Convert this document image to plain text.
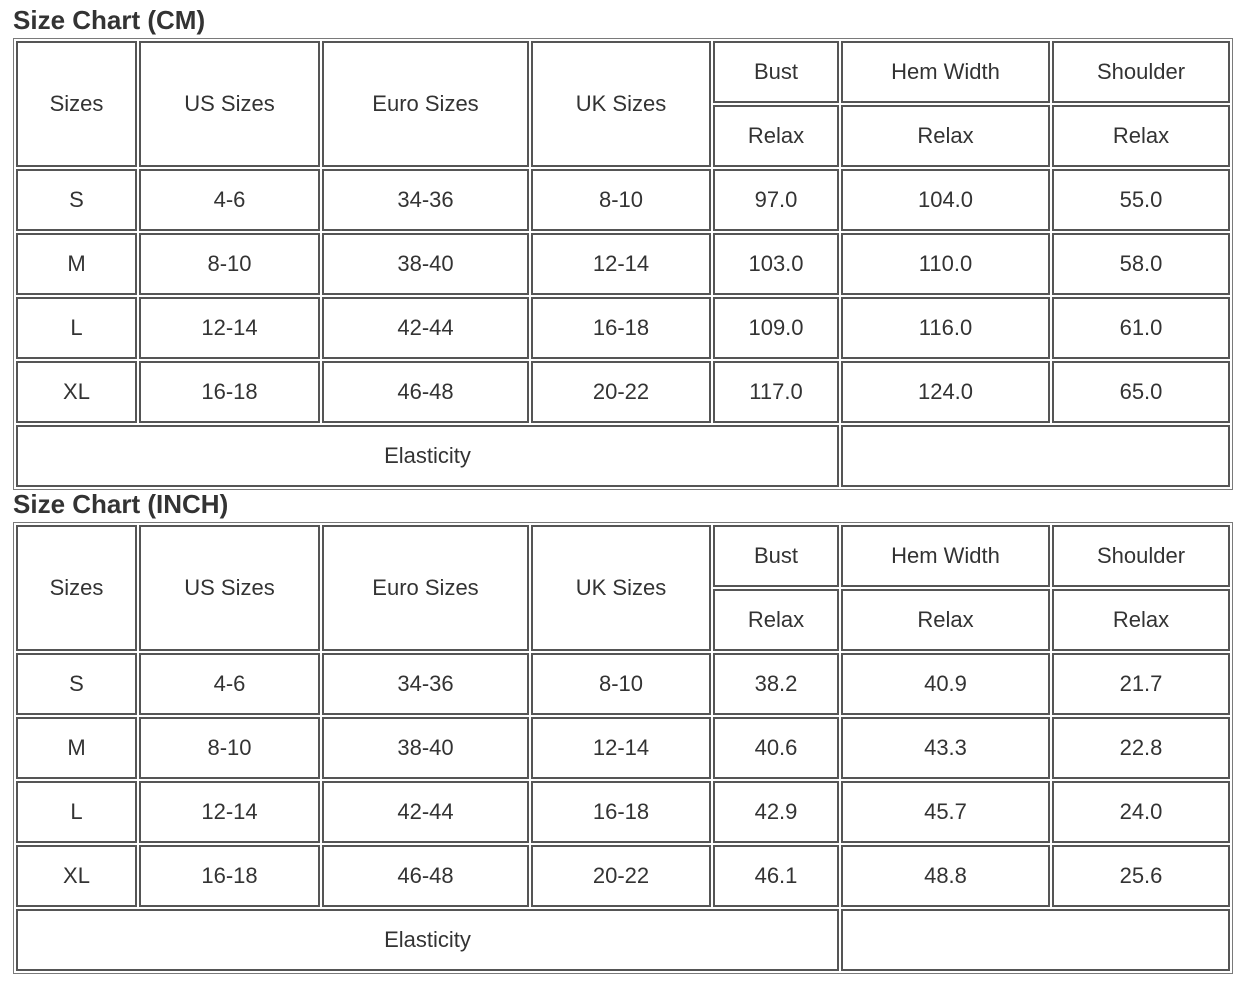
Size Chart (CM)
Sizes	US Sizes	Euro Sizes	UK Sizes	Bust	Hem Width	Shoulder
				Relax	Relax	Relax
S	4-6	34-36	8-10	97.0	104.0	55.0
M	8-10	38-40	12-14	103.0	110.0	58.0
L	12-14	42-44	16-18	109.0	116.0	61.0
XL	16-18	46-48	20-22	117.0	124.0	65.0
Elasticity						
Size Chart (INCH)
Sizes	US Sizes	Euro Sizes	UK Sizes	Bust	Hem Width	Shoulder
				Relax	Relax	Relax
S	4-6	34-36	8-10	38.2	40.9	21.7
M	8-10	38-40	12-14	40.6	43.3	22.8
L	12-14	42-44	16-18	42.9	45.7	24.0
XL	16-18	46-48	20-22	46.1	48.8	25.6
Elasticity						
